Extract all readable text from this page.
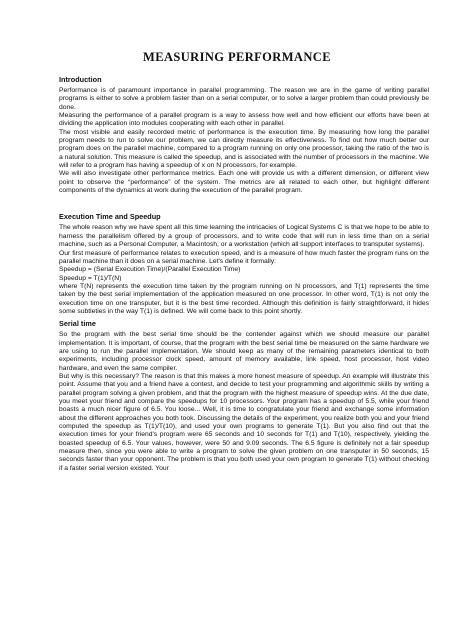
MEASURING PERFORMANCE

Introduction

Performance is of paramount importance in parallel programming. The reason we are in the game of writing parallel programs is either to solve a problem faster than on a serial computer, or to solve a larger problem than could previously be done.

Measuring the performance of a parallel program is a way to assess how well and how efficient our efforts have been at dividing the application into modules cooperating with each other in parallel.

The most visible and easily recorded metric of performance is the execution time. By measuring how long the parallel program needs to run to solve our problem, we can directly measure its effectiveness. To find out how much better our program does on the parallel machine, compared to a program running on only one processor, taking the ratio of the two is a natural solution. This measure is called the speedup, and is associated with the number of processors in the machine. We will refer to a program has having a speedup of x on N processors, for example.

We will also investigate other performance metrics. Each one will provide us with a different dimension, or different view point to observe the “performance” of the system. The metrics are all related to each other, but highlight different components of the dynamics at work during the execution of the parallel program.

Execution Time and Speedup

The whole reason why we have spent all this time learning the intricacies of Logical Systems C is that we hope to be able to harness the parallelism offered by a group of processors, and to write code that will run in less time than on a serial machine, such as a Personal Computer, a Macintosh, or a workstation (which all support interfaces to transputer systems).

Our first measure of performance relates to execution speed, and is a measure of how much faster the program runs on the parallel machine than it does on a serial machine. Let's define it formally:

Speedup = (Serial Execution Time)/(Parallel Execution Time)

Speedup = T(1)/T(N)

where T(N) represents the execution time taken by the program running on N processors, and T(1) represents the time taken by the best serial implementation of the application measured on one processor. In other word, T(1) is not only the execution time on one transputer, but it is the best time recorded. Although this definition is fairly straightforward, it hides some subtleties in the way T(1) is defined. We will come back to this point shortly.

Serial time

So the program with the best serial time should be the contender against which we should measure our parallel implementation. It is important, of course, that the program with the best serial time be measured on the same hardware we are using to run the parallel implementation. We should keep as many of the remaining parameters identical to both experiments, including processor clock speed, amount of memory available, link speed, host processor, host video hardware, and even the same compiler.

But why is this necessary? The reason is that this makes a more honest measure of speedup. An example will illustrate this point. Assume that you and a friend have a contest, and decide to test your programming and algorithmic skills by writing a parallel program solving a given problem, and that the program with the highest measure of speedup wins. At the due date, you meet your friend and compare the speedups for 10 processors. Your program has a speedup of 5.5, while your friend boasts a much nicer figure of 6.5. You loose... Well, it is time to congratulate your friend and exchange some information about the different approaches you both took. Discussing the details of the experiment, you realize both you and your friend computed the speedup as T(1)/T(10), and used your own programs to generate T(1). But you also find out that the execution times for your friend's program were 65 seconds and 10 seconds for T(1) and T(10), respectively, yielding the boasted speedup of 6.5. Your values, however, were 50 and 9.09 seconds. The 6.5 figure is definitely not a fair speedup measure then, since you were able to write a program to solve the given problem on one transputer in 50 seconds, 15 seconds faster than your opponent. The problem is that you both used your own program to generate T(1) without checking if a faster serial version existed. Your
